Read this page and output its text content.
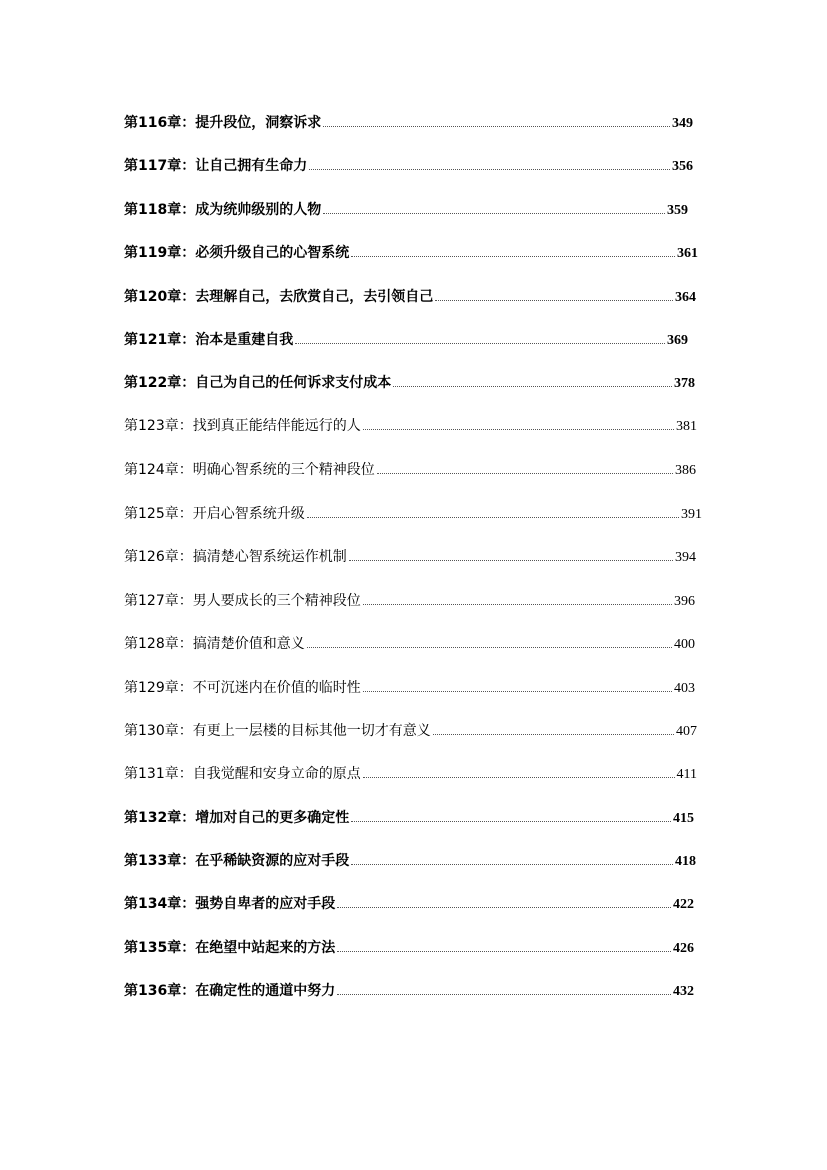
第116章：提升段位，洞察诉求	349
第117章：让自己拥有生命力	356
第118章：成为统帅级别的人物	359
第119章：必须升级自己的心智系统	361
第120章：去理解自己，去欣赏自己，去引领自己	364
第121章：治本是重建自我	369
第122章：自己为自己的任何诉求支付成本	378
第123章：找到真正能结伴能远行的人	381
第124章：明确心智系统的三个精神段位	386
第125章：开启心智系统升级	391
第126章：搞清楚心智系统运作机制	394
第127章：男人要成长的三个精神段位	396
第128章：搞清楚价值和意义	400
第129章：不可沉迷内在价值的临时性	403
第130章：有更上一层楼的目标其他一切才有意义	407
第131章：自我觉醒和安身立命的原点	411
第132章：增加对自己的更多确定性	415
第133章：在乎稀缺资源的应对手段	418
第134章：强势自卑者的应对手段	422
第135章：在绝望中站起来的方法	426
第136章：在确定性的通道中努力	432
